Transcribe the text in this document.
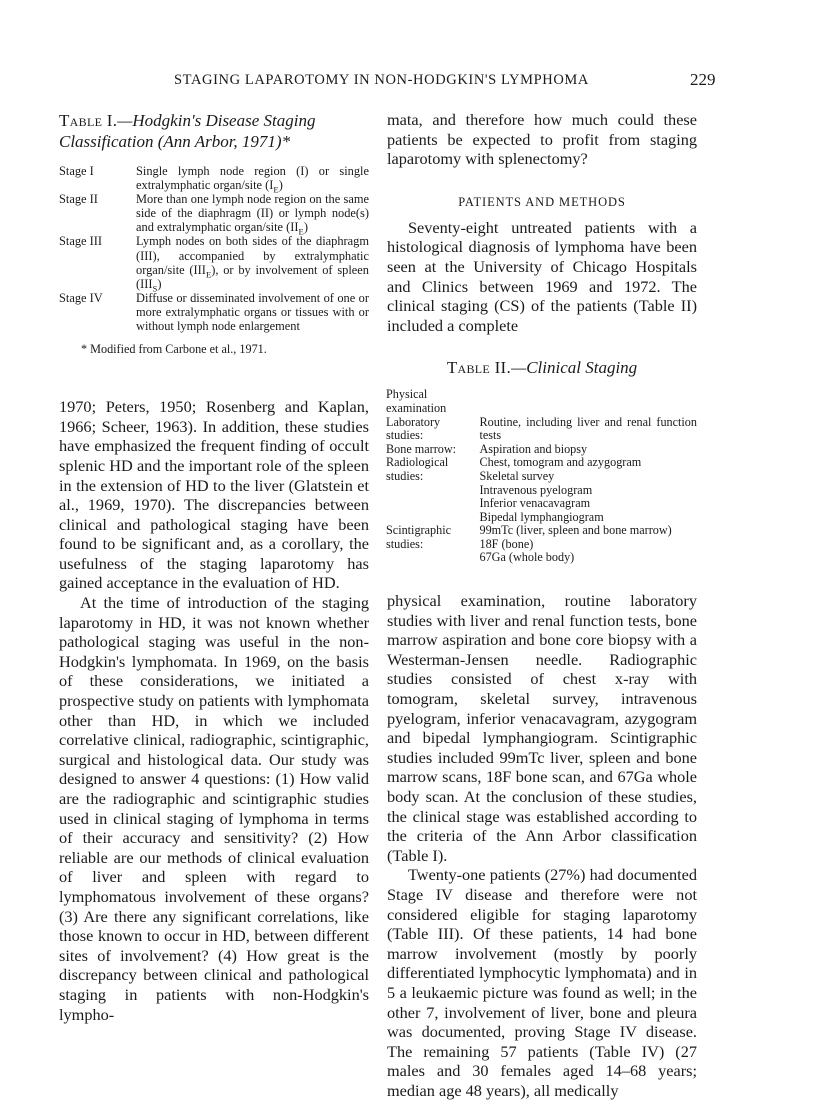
STAGING LAPAROTOMY IN NON-HODGKIN'S LYMPHOMA	229
Table I.—Hodgkin's Disease Staging Classification (Ann Arbor, 1971)*
Stage I	Single lymph node region (I) or single extralymphatic organ/site $(I_E)$
Stage II	More than one lymph node region on the same side of the diaphragm (II) or lymph node(s) and extralymphatic organ/site $(II_E)$
Stage III	Lymph nodes on both sides of the diaphragm (III), accompanied by extralymphatic organ/site $(III_E)$, or by involvement of spleen $(III_S)$
Stage IV	Diffuse or disseminated involvement of one or more extralymphatic organs or tissues with or without lymph node enlargement
* Modified from Carbone et al., 1971.

1970; Peters, 1950; Rosenberg and Kaplan, 1966; Scheer, 1963). In addition, these studies have emphasized the frequent finding of occult splenic HD and the important role of the spleen in the extension of HD to the liver (Glatstein et al., 1969, 1970). The discrepancies between clinical and pathological staging have been found to be significant and, as a corollary, the usefulness of the staging laparotomy has gained acceptance in the evaluation of HD.

At the time of introduction of the staging laparotomy in HD, it was not known whether pathological staging was useful in the non-Hodgkin's lymphomata. In 1969, on the basis of these considerations, we initiated a prospective study on patients with lymphomata other than HD, in which we included correlative clinical, radiographic, scintigraphic, surgical and histological data. Our study was designed to answer 4 questions: (1) How valid are the radiographic and scintigraphic studies used in clinical staging of lymphoma in terms of their accuracy and sensitivity? (2) How reliable are our methods of clinical evaluation of liver and spleen with regard to lymphomatous involvement of these organs? (3) Are there any significant correlations, like those known to occur in HD, between different sites of involvement? (4) How great is the discrepancy between clinical and pathological staging in patients with non-Hodgkin's lympho-

mata, and therefore how much could these patients be expected to profit from staging laparotomy with splenectomy?

PATIENTS AND METHODS

Seventy-eight untreated patients with a histological diagnosis of lymphoma have been seen at the University of Chicago Hospitals and Clinics between 1969 and 1972. The clinical staging (CS) of the patients (Table II) included a complete

Table II.—Clinical Staging
Physical examination	
Laboratory studies:	Routine, including liver and renal function tests
Bone marrow:	Aspiration and biopsy
Radiological studies:	Chest, tomogram and azygogram
Skeletal survey
Intravenous pyelogram
Inferior venacavagram
Bipedal lymphangiogram

Scintigraphic studies:	99mTc (liver, spleen and bone marrow)
18F (bone)
67Ga (whole body)

physical examination, routine laboratory studies with liver and renal function tests, bone marrow aspiration and bone core biopsy with a Westerman-Jensen needle. Radiographic studies consisted of chest x-ray with tomogram, skeletal survey, intravenous pyelogram, inferior venacavagram, azygogram and bipedal lymphangiogram. Scintigraphic studies included 99mTc liver, spleen and bone marrow scans, 18F bone scan, and 67Ga whole body scan. At the conclusion of these studies, the clinical stage was established according to the criteria of the Ann Arbor classification (Table I).

Twenty-one patients (27%) had documented Stage IV disease and therefore were not considered eligible for staging laparotomy (Table III). Of these patients, 14 had bone marrow involvement (mostly by poorly differentiated lymphocytic lymphomata) and in 5 a leukaemic picture was found as well; in the other 7, involvement of liver, bone and pleura was documented, proving Stage IV disease. The remaining 57 patients (Table IV) (27 males and 30 females aged 14–68 years; median age 48 years), all medically
